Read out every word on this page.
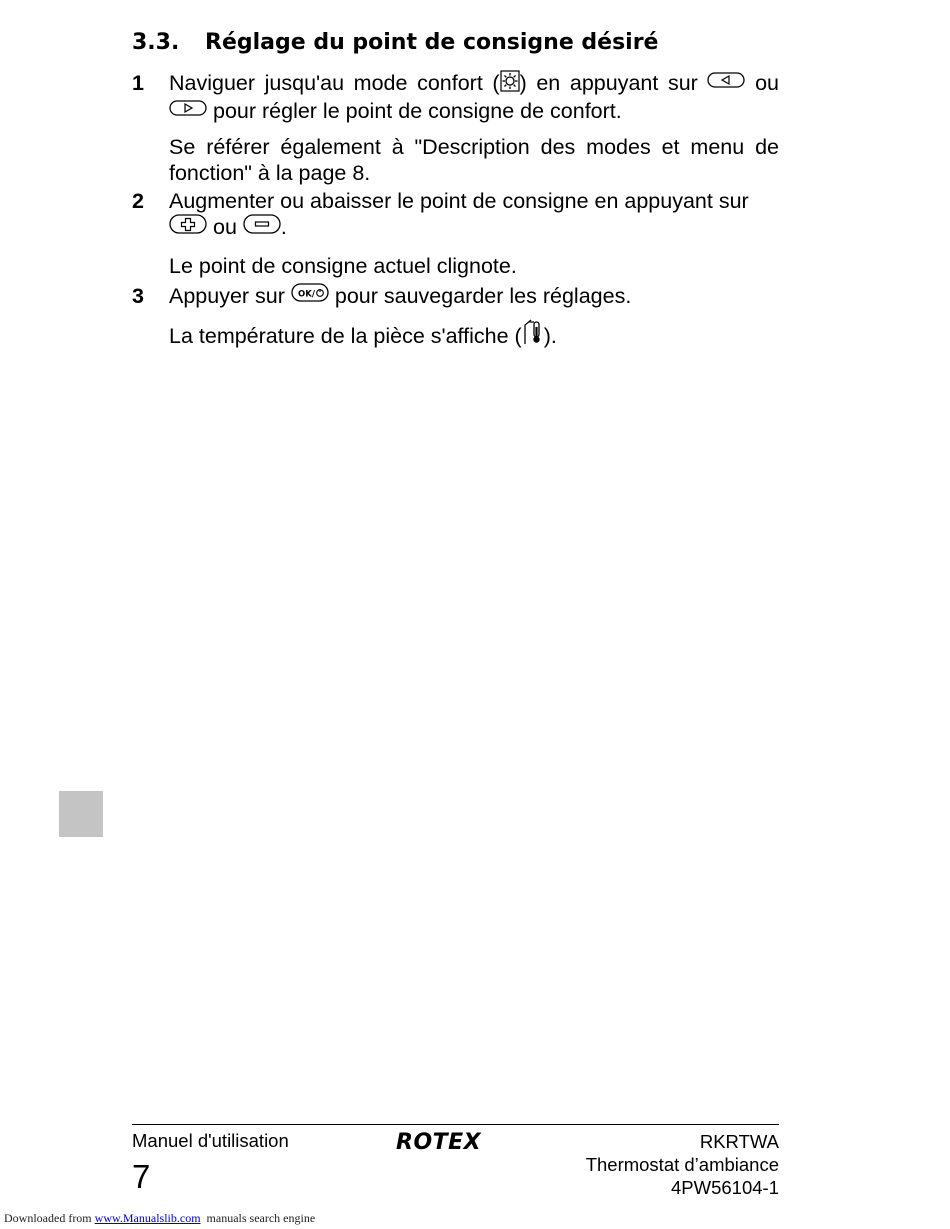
3.3. Réglage du point de consigne désiré
1 Naviguer jusqu'au mode confort ( ) en appuyant sur	ou  pour régler le point de consigne de confort.

Se référer également à "Description des modes et menu de fonction" à la page 8.

2 Augmenter ou abaisser le point de consigne en appuyant sur
ou .

Le point de consigne actuel clignote.

3 Appuyer sur OK/ pour sauvegarder les réglages.

La température de la pièce s'affiche ( ).

Manuel d'utilisation
7
ROTEX	RKRTWA
Thermostat d’ambiance
4PW56104-1
Downloaded from www.Manualslib.com manuals search engine
